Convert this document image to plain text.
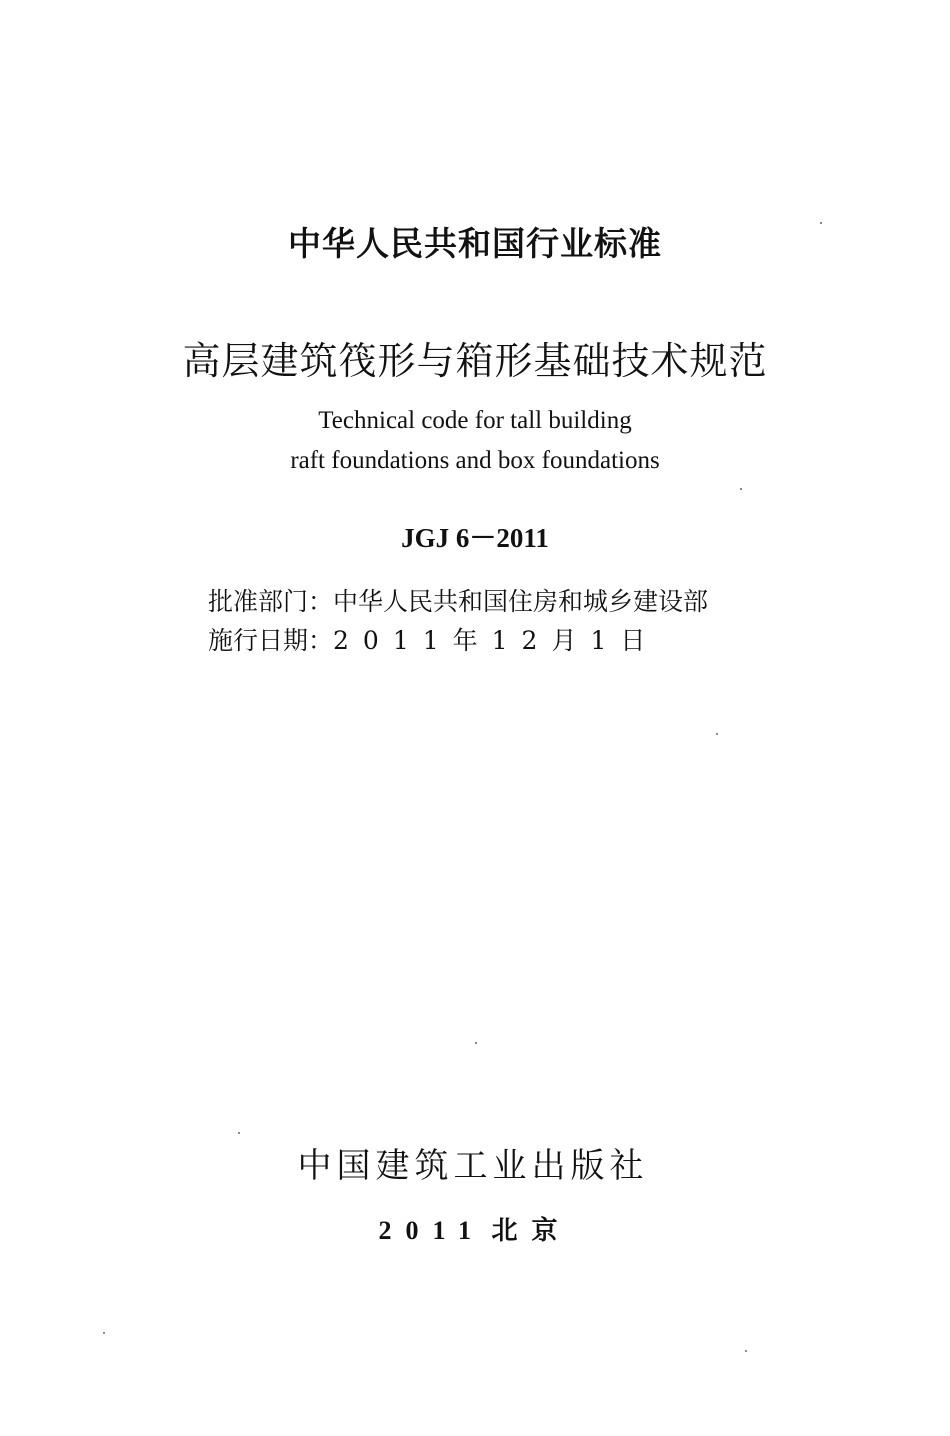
中华人民共和国行业标准
高层建筑筏形与箱形基础技术规范
Technical code for tall building
raft foundations and box foundations
JGJ 6－2011
批准部门：中华人民共和国住房和城乡建设部
施行日期：2011年12月1日
中国建筑工业出版社
2011 北京
